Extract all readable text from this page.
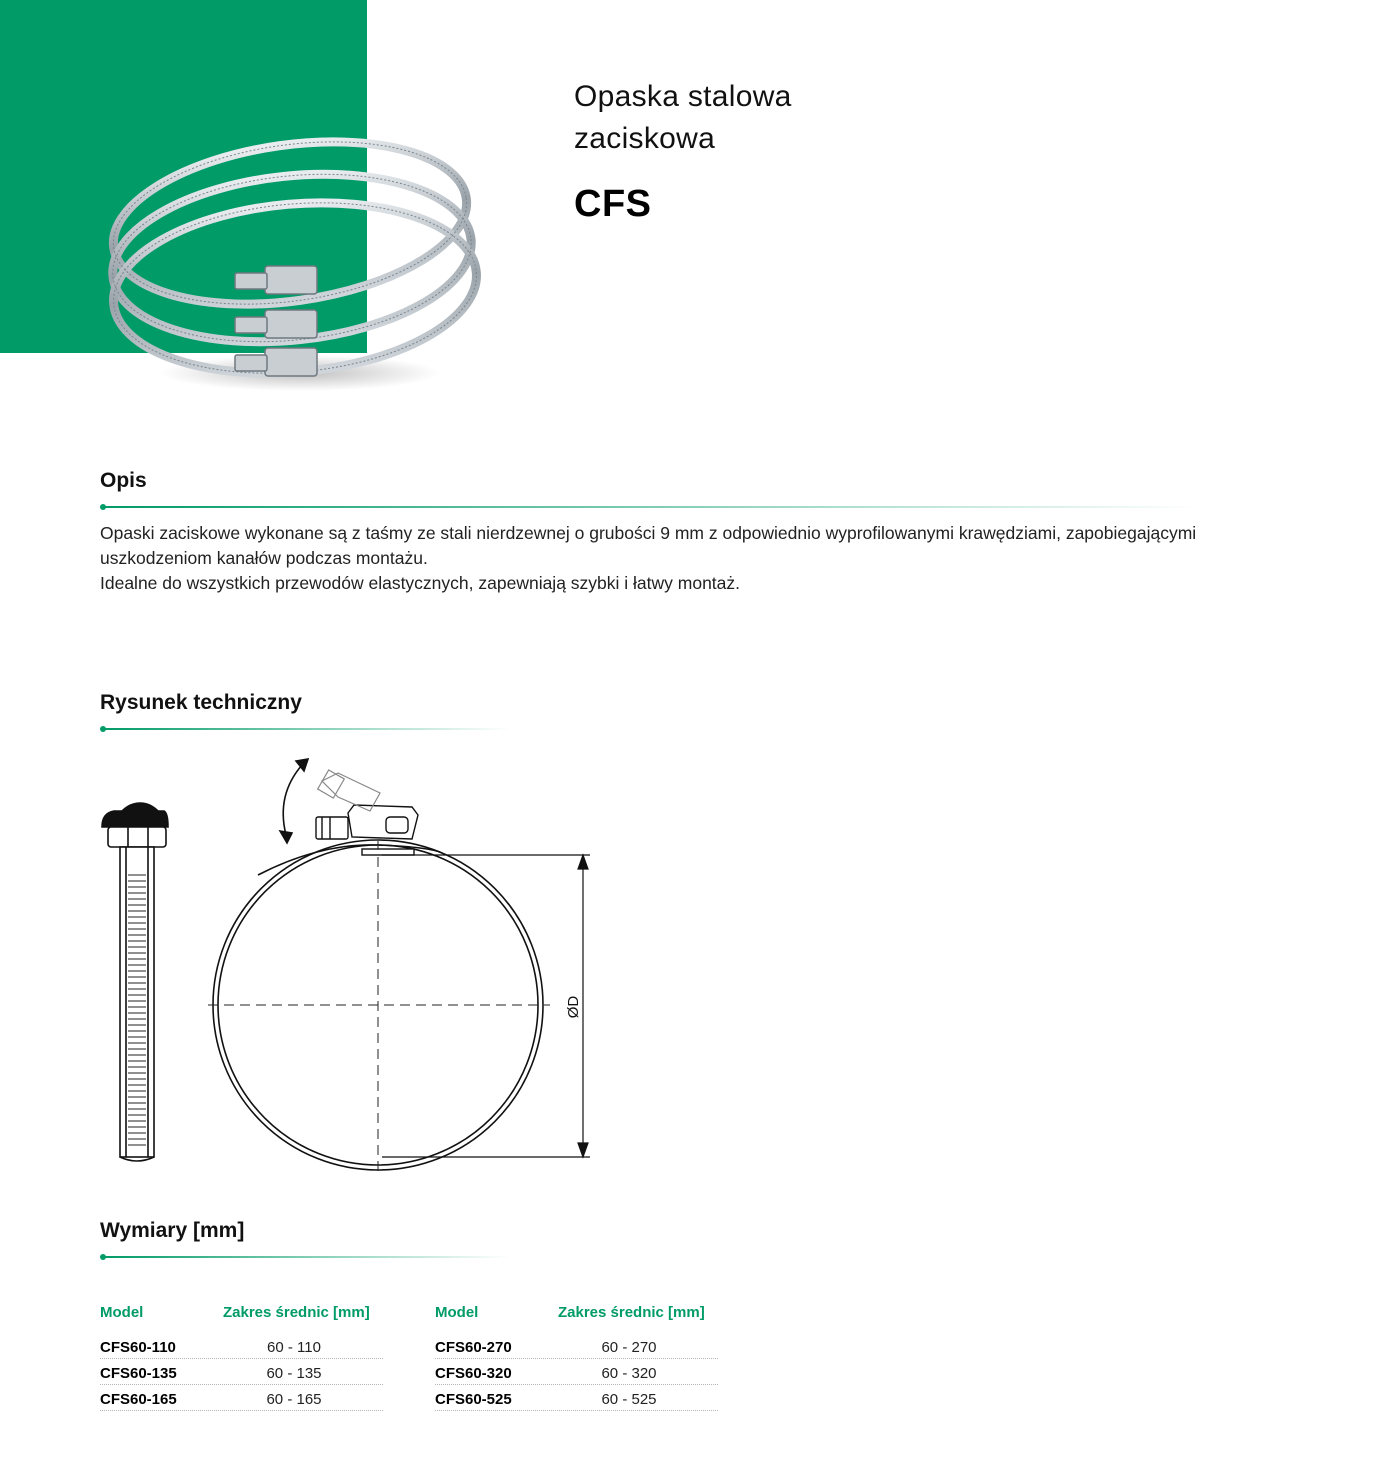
Opaska stalowa
zaciskowa
CFS
Opis

Opaski zaciskowe wykonane są z taśmy ze stali nierdzewnej o grubości 9 mm z odpowiednio wyprofilowanymi krawędziami, zapobiegającymi uszkodzeniom kanałów podczas montażu.

Idealne do wszystkich przewodów elastycznych, zapewniają szybki i łatwy montaż.

Rysunek techniczny
ØD
Wymiary [mm]
Model	Zakres średnic [mm]
CFS60-110	60 - 110
CFS60-135	60 - 135
CFS60-165	60 - 165
Model	Zakres średnic [mm]
CFS60-270	60 - 270
CFS60-320	60 - 320
CFS60-525	60 - 525
